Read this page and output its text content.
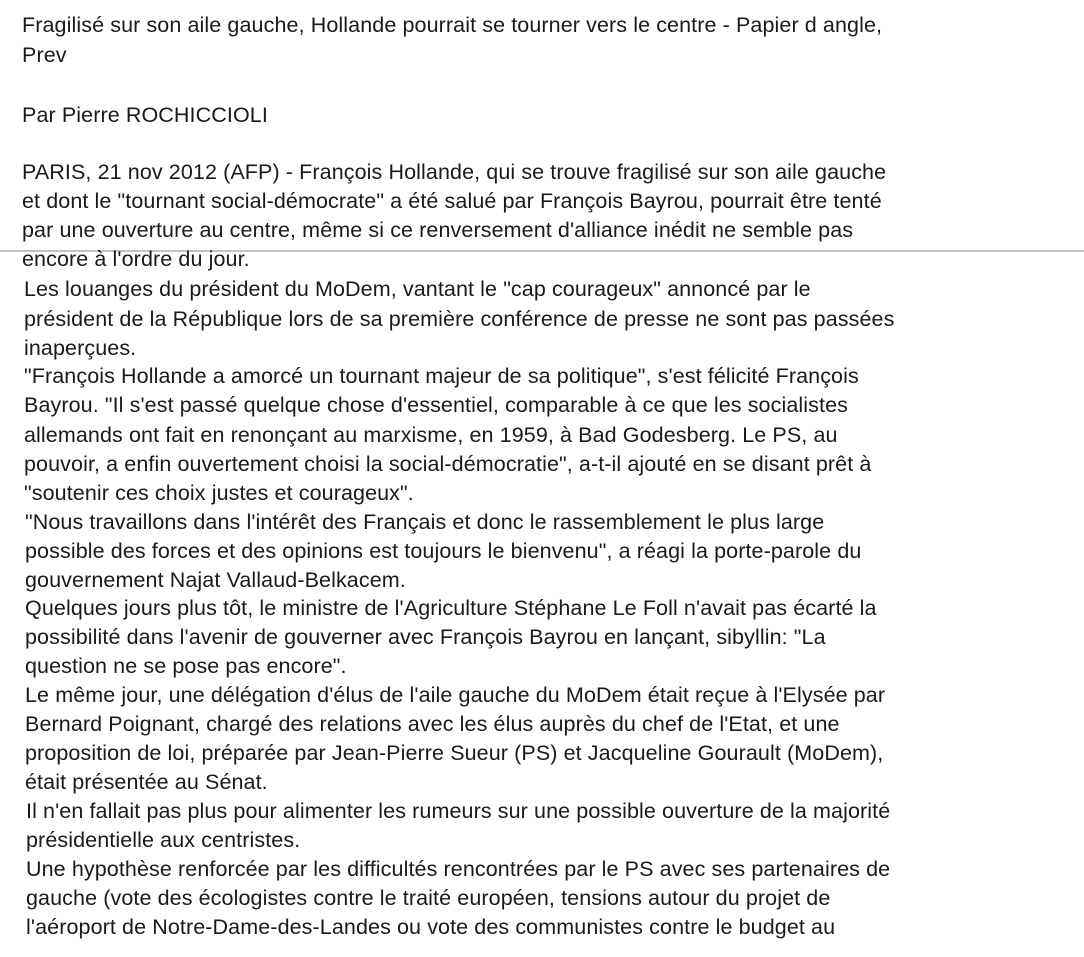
Fragilisé sur son aile gauche, Hollande pourrait se tourner vers le centre - Papier d angle,
Prev
Par Pierre ROCHICCIOLI
PARIS, 21 nov 2012 (AFP) - François Hollande, qui se trouve fragilisé sur son aile gauche
et dont le "tournant social-démocrate" a été salué par François Bayrou, pourrait être tenté
par une ouverture au centre, même si ce renversement d'alliance inédit ne semble pas
encore à l'ordre du jour.
Les louanges du président du MoDem, vantant le "cap courageux" annoncé par le
président de la République lors de sa première conférence de presse ne sont pas passées
inaperçues.
"François Hollande a amorcé un tournant majeur de sa politique", s'est félicité François
Bayrou. "Il s'est passé quelque chose d'essentiel, comparable à ce que les socialistes
allemands ont fait en renonçant au marxisme, en 1959, à Bad Godesberg. Le PS, au
pouvoir, a enfin ouvertement choisi la social-démocratie", a-t-il ajouté en se disant prêt à
"soutenir ces choix justes et courageux".
"Nous travaillons dans l'intérêt des Français et donc le rassemblement le plus large
possible des forces et des opinions est toujours le bienvenu", a réagi la porte-parole du
gouvernement Najat Vallaud-Belkacem.
Quelques jours plus tôt, le ministre de l'Agriculture Stéphane Le Foll n'avait pas écarté la
possibilité dans l'avenir de gouverner avec François Bayrou en lançant, sibyllin: "La
question ne se pose pas encore".
Le même jour, une délégation d'élus de l'aile gauche du MoDem était reçue à l'Elysée par
Bernard Poignant, chargé des relations avec les élus auprès du chef de l'Etat, et une
proposition de loi, préparée par Jean-Pierre Sueur (PS) et Jacqueline Gourault (MoDem),
était présentée au Sénat.
Il n'en fallait pas plus pour alimenter les rumeurs sur une possible ouverture de la majorité
présidentielle aux centristes.
Une hypothèse renforcée par les difficultés rencontrées par le PS avec ses partenaires de
gauche (vote des écologistes contre le traité européen, tensions autour du projet de
l'aéroport de Notre-Dame-des-Landes ou vote des communistes contre le budget au
